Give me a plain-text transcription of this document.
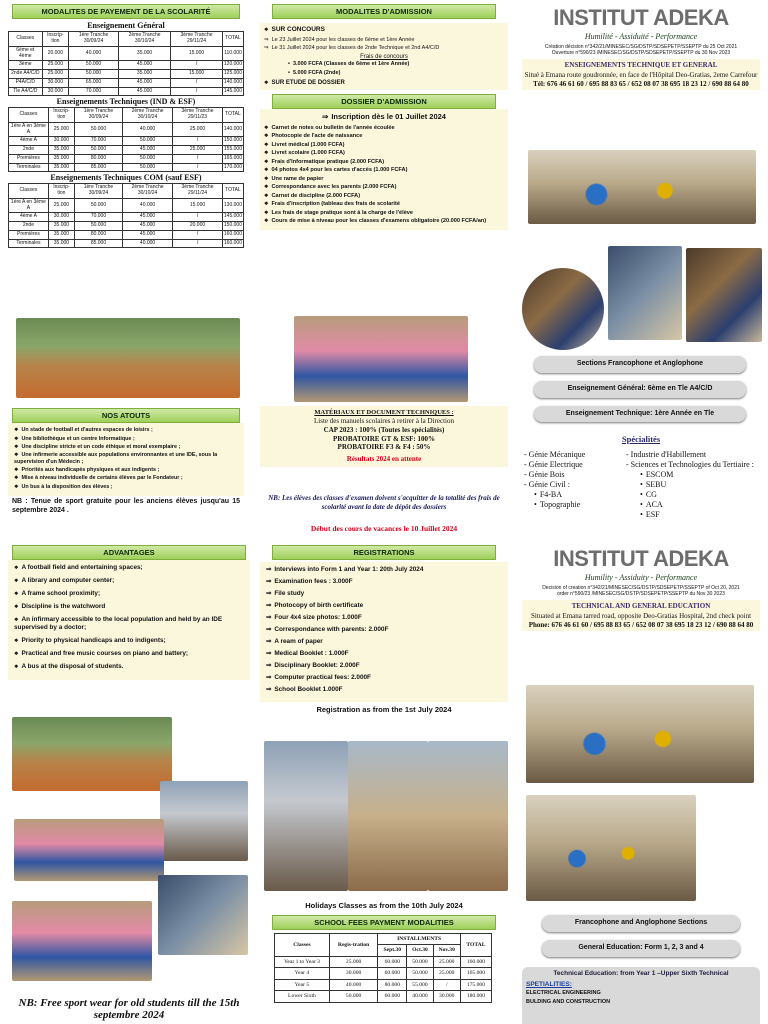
MODALITES DE PAYEMENT DE LA SCOLARITÉ
Enseignement Général
Classes	Inscrip-tion	1ère Tranche 30/09/24	2ème Tranche 30/10/24	3ème Tranche 29/11/24	TOTAL
6ème et 4ème	20.000	40.000	35.000	15.000	110.000
3ème	25.000	50.000	45.000	/	120.000
2nde A4/C/D	25.000	50.000	35.000	15.000	125.000
P4A/C/D	30.000	65.000	45.000	/	140.000
Tle A4/C/D	30.000	70.000	45.000	/	145.000
Enseignements Techniques (IND & ESF)
Classes	Inscrip-tion	1ère Tranche 30/09/24	2ème Tranche 30/10/24	3ème Tranche 29/11/23	TOTAL
1ère A en 3ème A	25.000	50.000	40.000	25.000	140.000
4ème A	30.000	70.000	50.000	/	150.000
2nde	35.000	50.000	45.000	25.000	155.000
Premières	35.000	80.000	50.000	/	165.000
Terminales	35.000	85.000	50.000	/	170.000
Enseignements Techniques COM (sauf ESF)
Classes	Inscrip-tion	1ère Tranche 30/09/24	2ème Tranche 30/10/24	3ème Tranche 29/11/24	TOTAL
1ère A en 3ème A	25.000	50.000	40.000	15.000	130.000
4ème A	30.000	70.000	45.000	/	145.000
2nde	35.000	50.000	45.000	20.000	150.000
Premières	35.000	80.000	45.000	/	160.000
Terminales	35.000	85.000	40.000	/	160.000
NOS ATOUTS
❖ Un stade de football et d'autres espaces de loisirs ;
❖ Une bibliothèque et un centre Informatique ;
❖ Une discipline stricte et un code éthique et moral exemplaire ;
❖ Une infirmerie accessible aux populations environnantes et une IDE, sous la supervision d'un Médecin ;
❖ Priorités aux handicapés physiques et aux indigents ;
❖ Mise à niveau individuelle de certains élèves par le Fondateur ;
❖ Un bus à la disposition des élèves ;
NB : Tenue de sport gratuite pour les anciens élèves jusqu'au 15 septembre 2024 .
MODALITES D'ADMISSION
❖ SUR CONCOURS
⇒ Le 23 Juillet 2024 pour les classes de 6ème et 1ère Année
⇒ Le 31 Juillet 2024 pour les classes de 2nde Technique et 2nd A4/C/D
Frais de concours
• 3.000 FCFA (Classes de 6ème et 1ère Année)
• 5.000 FCFA (2nde)
❖ SUR ETUDE DE DOSSIER
DOSSIER D'ADMISSION
⇒ Inscription dès le 01 Juillet 2024
❖ Carnet de notes ou bulletin de l'année écoulée
❖ Photocopie de l'acte de naissance
❖ Livret médical (1.000 FCFA)
❖ Livret scolaire (1.000 FCFA)
❖ Frais d'Informatique pratique (2.000 FCFA)
❖ 04 photos 4x4 pour les cartes d'accès (1.000 FCFA)
❖ Une rame de papier
❖ Correspondance avec les parents (2.000 FCFA)
❖ Carnet de discipline (2.000 FCFA)
❖ Frais d'inscription (tableau des frais de scolarité
❖ Les frais de stage pratique sont à la charge de l'élève
❖ Cours de mise à niveau pour les classes d'examens obligatoire (20.000 FCFA/an)
MATÉRIAUX ET DOCUMENT TECHNIQUES :
Liste des manuels scolaires à retirer à la Direction
CAP 2023 : 100% (Toutes les spécialités)
PROBATOIRE GT & ESF: 100%
PROBATOIRE F3 & F4 : 50%
Résultats 2024 en attente
NB: Les élèves des classes d'examen doivent s'acquitter de la totalité des frais de scolarité avant la date de dépôt des dossiers
Début des cours de vacances le 10 Juillet 2024
INSTITUT ADEKA
Humilité - Assiduité - Performance
Création décision n°342/21/MINESEC/SG/DSTP/SDSEPETP/SSEPTP du 25 Oct 2021
Ouverture n°590/23 /MINESEC/SG/DSTP/SDSEPETP/SSEPTP du 30 Nov 2023
ENSEIGNEMENTS TECHNIQUE ET GENERAL
Situé à Emana route goudronnée, en face de l'Hôpital Deo-Gratias, 2eme Carrefour
Tél: 676 46 61 60 / 695 88 83 65 / 652 08 07 38 695 18 23 12 / 690 88 64 80
Sections Francophone et Anglophone
Enseignement Général: 6ème en Tle A4/C/D
Enseignement Technique: 1ère Année en Tle
Spécialités
- Génie Mécanique
- Génie Electrique
- Génie Bois
- Génie Civil :
• F4-BA
• Topographie
- Industrie d'Habillement
- Sciences et Technologies du Tertiaire :
• ESCOM
• SEBU
• CG
• ACA
• ESF
ADVANTAGES
❖ A football field and entertaining spaces;
❖ A library and computer center;
❖ A frame school proximity;
❖ Discipline is the watchword
❖ An infirmary accessible to the local population and held by an IDE supervised by a doctor;
❖ Priority to physical handicaps and to indigents;
❖ Practical and free music courses on piano and battery;
❖ A bus at the disposal of students.
NB: Free sport wear for old students till the 15th septembre 2024
REGISTRATIONS
⇒ Interviews into Form 1 and Year 1: 20th July 2024
⇒ Examination fees : 3.000F
⇒ File study
⇒ Photocopy of birth certificate
⇒ Four 4x4 size photos: 1.000F
⇒ Correspondance with parents: 2.000F
⇒ A ream of paper
⇒ Medical Booklet : 1.000F
⇒ Disciplinary Booklet: 2.000F
⇒ Computer practical fees: 2.000F
⇒ School Booklet 1.000F
Registration as from the 1st July 2024
Holidays Classes as from the 10th July 2024
SCHOOL FEES PAYMENT MODALITIES
Classes	Regis-tration	INSTALLMENTS			TOTAL
		Sept.30	Oct.30	Nov.30	
Year 1 to Year 3	25.000	60.000	50.000	25.000	160.000
Year 4	30.000	60.000	50.000	25.000	165.000
Year 5	40.000	80.000	55.000	/	175.000
Lower Sixth	50.000	60.000	40.000	30.000	180.000
INSTITUT ADEKA
Humility - Assiduity - Performance
Decision of creation n°342/21/MINESEC/SG/DSTP/SDSEPETP/SSEPTP of Oct 20, 2021
order n°590/23 /MINESEC/SG/DSTP/SDSEPETP/SSEPTP du Nov 30 2023
TECHNICAL AND GENERAL EDUCATION
Situated at Emana tarred road, opposite Deo-Gratias Hospital, 2nd check point
Phone: 676 46 61 60 / 695 88 83 65 / 652 08 07 38 695 18 23 12 / 690 88 64 80
Francophone and Anglophone Sections
General Education: Form 1, 2, 3 and 4
Technical Education: from Year 1 –Upper Sixth Technical
SPETIALITIES:
ELECTRICAL ENGINEERING
BULDING AND CONSTRUCTION
